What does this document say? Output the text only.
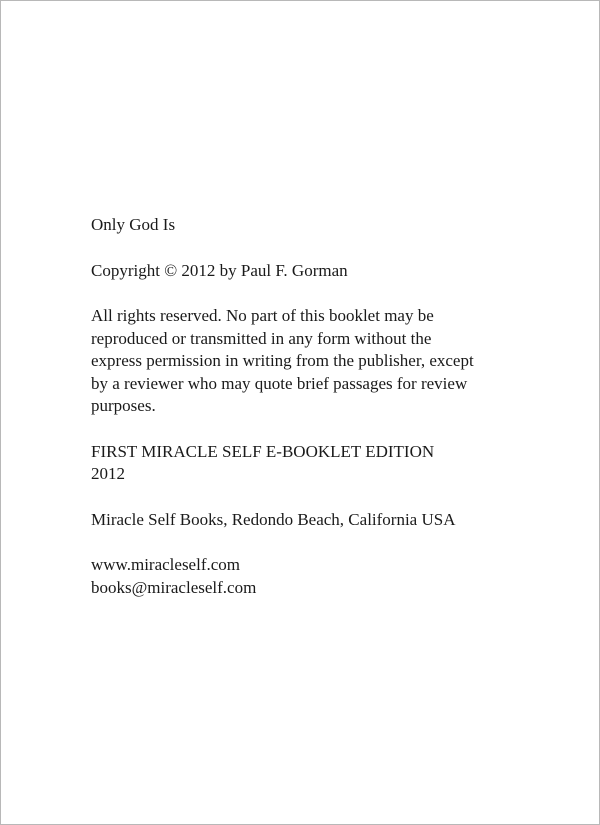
Only God Is

Copyright © 2012 by Paul F. Gorman

All rights reserved. No part of this booklet may be
reproduced or transmitted in any form without the
express permission in writing from the publisher, except
by a reviewer who may quote brief passages for review
purposes.

FIRST MIRACLE SELF E-BOOKLET EDITION
2012

Miracle Self Books, Redondo Beach, California USA

www.miracleself.com
books@miracleself.com
